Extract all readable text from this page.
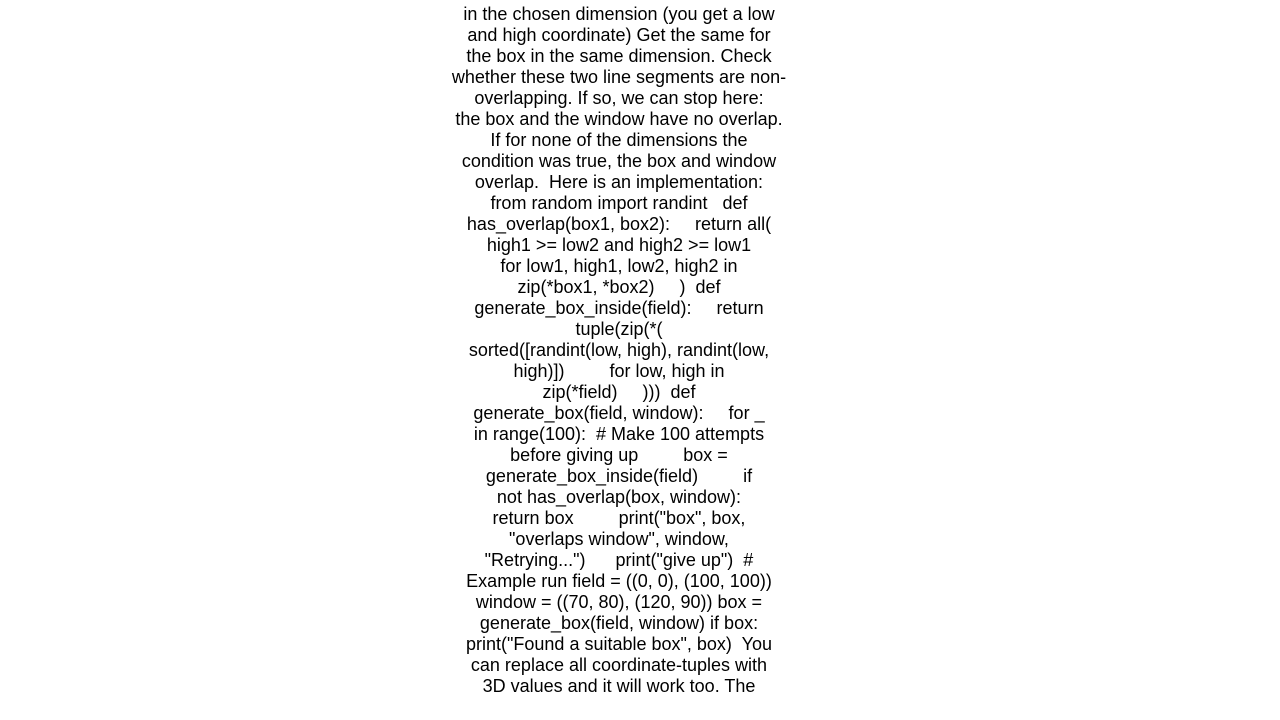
in the chosen dimension (you get a low
and high coordinate) Get the same for
the box in the same dimension. Check
whether these two line segments are non-
overlapping. If so, we can stop here:
the box and the window have no overlap.
If for none of the dimensions the
condition was true, the box and window
overlap.  Here is an implementation:
from random import randint   def
has_overlap(box1, box2):     return all(
high1 >= low2 and high2 >= low1
for low1, high1, low2, high2 in
zip(*box1, *box2)     )  def
generate_box_inside(field):     return
tuple(zip(*(
sorted([randint(low, high), randint(low,
high)])         for low, high in
zip(*field)     )))  def
generate_box(field, window):     for _
in range(100):  # Make 100 attempts
before giving up         box =
generate_box_inside(field)         if
not has_overlap(box, window):
return box         print("box", box,
"overlaps window", window,
"Retrying...")      print("give up")  #
Example run field = ((0, 0), (100, 100))
window = ((70, 80), (120, 90)) box =
generate_box(field, window) if box:
print("Found a suitable box", box)  You
can replace all coordinate-tuples with
3D values and it will work too. The
